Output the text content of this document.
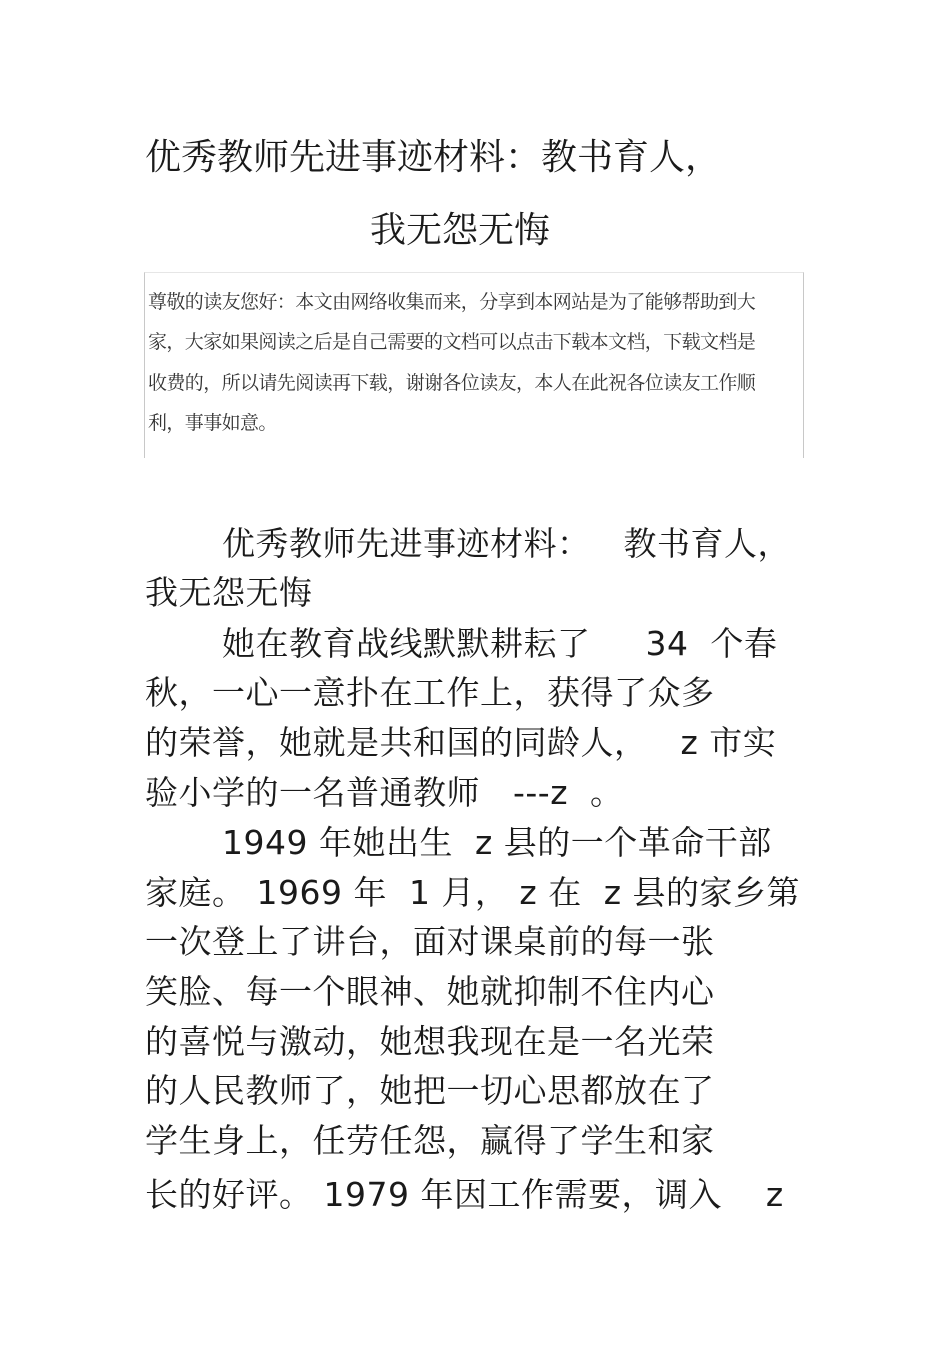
优秀教师先进事迹材料：教书育人，
我无怨无悔
尊敬的读友您好：本文由网络收集而来，分享到本网站是为了能够帮助到大
家，大家如果阅读之后是自己需要的文档可以点击下载本文档，下载文档是
收费的，所以请先阅读再下载，谢谢各位读友，本人在此祝各位读友工作顺
利，事事如意。
优秀教师先进事迹材料：   教书育人，
我无怨无悔
她在教育战线默默耕耘了     34  个春
秋，一心一意扑在工作上，获得了众多
的荣誉，她就是共和国的同龄人，   z 市实
验小学的一名普通教师   ---z  。
1949 年她出生  z 县的一个革命干部
家庭。 1969 年  1 月， z 在  z 县的家乡第
一次登上了讲台，面对课桌前的每一张
笑脸、每一个眼神、她就抑制不住内心
的喜悦与激动，她想我现在是一名光荣
的人民教师了，她把一切心思都放在了
学生身上，任劳任怨，赢得了学生和家
长的好评。 1979 年因工作需要，调入    z
